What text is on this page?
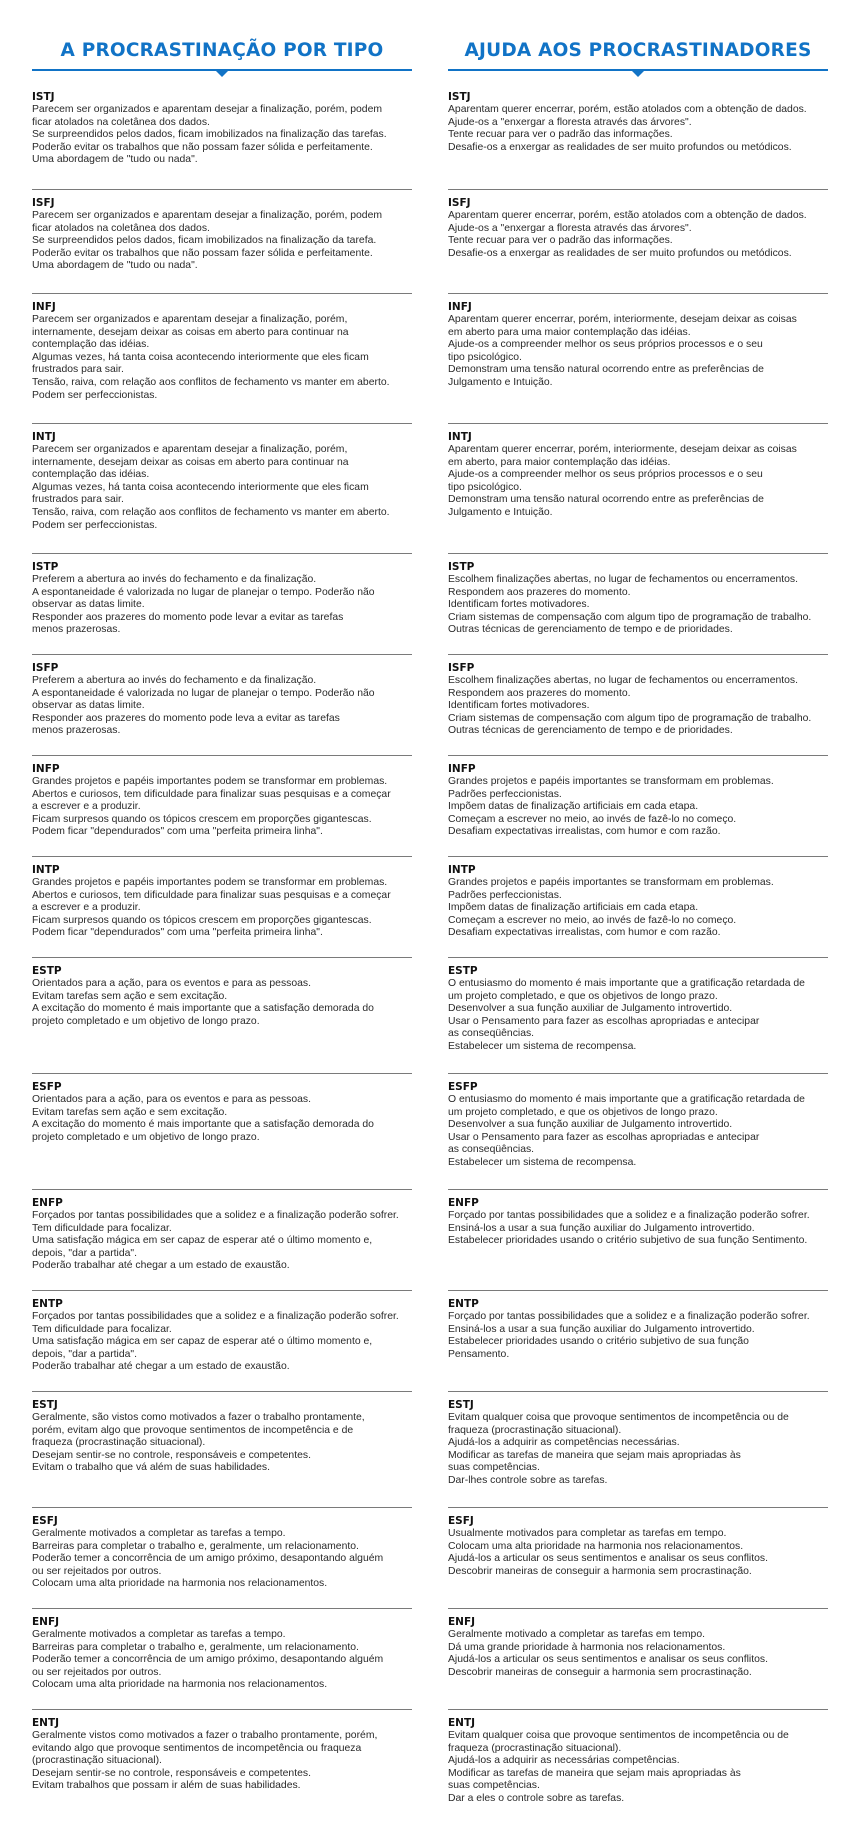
A PROCRASTINAÇÃO POR TIPO	AJUDA AOS PROCRASTINADORES
ISTJ
Parecem ser organizados e aparentam desejar a finalização, porém, podem
ficar atolados na coletânea dos dados.
Se surpreendidos pelos dados, ficam imobilizados na finalização das tarefas.
Poderão evitar os trabalhos que não possam fazer sólida e perfeitamente.
Uma abordagem de "tudo ou nada".
ISTJ
Aparentam querer encerrar, porém, estão atolados com a obtenção de dados.
Ajude-os a "enxergar a floresta através das árvores".
Tente recuar para ver o padrão das informações.
Desafie-os a enxergar as realidades de ser muito profundos ou metódicos.
ISFJ
Parecem ser organizados e aparentam desejar a finalização, porém, podem
ficar atolados na coletânea dos dados.
Se surpreendidos pelos dados, ficam imobilizados na finalização da tarefa.
Poderão evitar os trabalhos que não possam fazer sólida e perfeitamente.
Uma abordagem de "tudo ou nada".
ISFJ
Aparentam querer encerrar, porém, estão atolados com a obtenção de dados.
Ajude-os a "enxergar a floresta através das árvores".
Tente recuar para ver o padrão das informações.
Desafie-os a enxergar as realidades de ser muito profundos ou metódicos.
INFJ
Parecem ser organizados e aparentam desejar a finalização, porém,
internamente, desejam deixar as coisas em aberto para continuar na
contemplação das idéias.
Algumas vezes, há tanta coisa acontecendo interiormente que eles ficam
frustrados para sair.
Tensão, raiva, com relação aos conflitos de fechamento vs manter em aberto.
Podem ser perfeccionistas.
INFJ
Aparentam querer encerrar, porém, interiormente, desejam deixar as coisas
em aberto para uma maior contemplação das idéias.
Ajude-os a compreender melhor os seus próprios processos e o seu
tipo psicológico.
Demonstram uma tensão natural ocorrendo entre as preferências de
Julgamento e Intuição.
INTJ
Parecem ser organizados e aparentam desejar a finalização, porém,
internamente, desejam deixar as coisas em aberto para continuar na
contemplação das idéias.
Algumas vezes, há tanta coisa acontecendo interiormente que eles ficam
frustrados para sair.
Tensão, raiva, com relação aos conflitos de fechamento vs manter em aberto.
Podem ser perfeccionistas.
INTJ
Aparentam querer encerrar, porém, interiormente, desejam deixar as coisas
em aberto, para maior contemplação das idéias.
Ajude-os a compreender melhor os seus próprios processos e o seu
tipo psicológico.
Demonstram uma tensão natural ocorrendo entre as preferências de
Julgamento e Intuição.
ISTP
Preferem a abertura ao invés do fechamento e da finalização.
A espontaneidade é valorizada no lugar de planejar o tempo. Poderão não
observar as datas limite.
Responder aos prazeres do momento pode levar a evitar as tarefas
menos prazerosas.
ISTP
Escolhem finalizações abertas, no lugar de fechamentos ou encerramentos.
Respondem aos prazeres do momento.
Identificam fortes motivadores.
Criam sistemas de compensação com algum tipo de programação de trabalho.
Outras técnicas de gerenciamento de tempo e de prioridades.
ISFP
Preferem a abertura ao invés do fechamento e da finalização.
A espontaneidade é valorizada no lugar de planejar o tempo. Poderão não
observar as datas limite.
Responder aos prazeres do momento pode leva a evitar as tarefas
menos prazerosas.
ISFP
Escolhem finalizações abertas, no lugar de fechamentos ou encerramentos.
Respondem aos prazeres do momento.
Identificam fortes motivadores.
Criam sistemas de compensação com algum tipo de programação de trabalho.
Outras técnicas de gerenciamento de tempo e de prioridades.
INFP
Grandes projetos e papéis importantes podem se transformar em problemas.
Abertos e curiosos, tem dificuldade para finalizar suas pesquisas e a começar
a escrever e a produzir.
Ficam surpresos quando os tópicos crescem em proporções gigantescas.
Podem ficar "dependurados" com uma "perfeita primeira linha".
INFP
Grandes projetos e papéis importantes se transformam em problemas.
Padrões perfeccionistas.
Impõem datas de finalização artificiais em cada etapa.
Começam a escrever no meio, ao invés de fazê-lo no começo.
Desafiam expectativas irrealistas, com humor e com razão.
INTP
Grandes projetos e papéis importantes podem se transformar em problemas.
Abertos e curiosos, tem dificuldade para finalizar suas pesquisas e a começar
a escrever e a produzir.
Ficam surpresos quando os tópicos crescem em proporções gigantescas.
Podem ficar "dependurados" com uma "perfeita primeira linha".
INTP
Grandes projetos e papéis importantes se transformam em problemas.
Padrões perfeccionistas.
Impõem datas de finalização artificiais em cada etapa.
Começam a escrever no meio, ao invés de fazê-lo no começo.
Desafiam expectativas irrealistas, com humor e com razão.
ESTP
Orientados para a ação, para os eventos e para as pessoas.
Evitam tarefas sem ação e sem excitação.
A excitação do momento é mais importante que a satisfação demorada do
projeto completado e um objetivo de longo prazo.
ESTP
O entusiasmo do momento é mais importante que a gratificação retardada de
um projeto completado, e que os objetivos de longo prazo.
Desenvolver a sua função auxiliar de Julgamento introvertido.
Usar o Pensamento para fazer as escolhas apropriadas e antecipar
as conseqüências.
Estabelecer um sistema de recompensa.
ESFP
Orientados para a ação, para os eventos e para as pessoas.
Evitam tarefas sem ação e sem excitação.
A excitação do momento é mais importante que a satisfação demorada do
projeto completado e um objetivo de longo prazo.
ESFP
O entusiasmo do momento é mais importante que a gratificação retardada de
um projeto completado, e que os objetivos de longo prazo.
Desenvolver a sua função auxiliar de Julgamento introvertido.
Usar o Pensamento para fazer as escolhas apropriadas e antecipar
as conseqüências.
Estabelecer um sistema de recompensa.
ENFP
Forçados por tantas possibilidades que a solidez e a finalização poderão sofrer.
Tem dificuldade para focalizar.
Uma satisfação mágica em ser capaz de esperar até o último momento e,
depois, "dar a partida".
Poderão trabalhar até chegar a um estado de exaustão.
ENFP
Forçado por tantas possibilidades que a solidez e a finalização poderão sofrer.
Ensiná-los a usar a sua função auxiliar do Julgamento introvertido.
Estabelecer prioridades usando o critério subjetivo de sua função Sentimento.
ENTP
Forçados por tantas possibilidades que a solidez e a finalização poderão sofrer.
Tem dificuldade para focalizar.
Uma satisfação mágica em ser capaz de esperar até o último momento e,
depois, "dar a partida".
Poderão trabalhar até chegar a um estado de exaustão.
ENTP
Forçado por tantas possibilidades que a solidez e a finalização poderão sofrer.
Ensiná-los a usar a sua função auxiliar do Julgamento introvertido.
Estabelecer prioridades usando o critério subjetivo de sua função
Pensamento.
ESTJ
Geralmente, são vistos como motivados a fazer o trabalho prontamente,
porém, evitam algo que provoque sentimentos de incompetência e de
fraqueza (procrastinação situacional).
Desejam sentir-se no controle, responsáveis e competentes.
Evitam o trabalho que vá além de suas habilidades.
ESTJ
Evitam qualquer coisa que provoque sentimentos de incompetência ou de
fraqueza (procrastinação situacional).
Ajudá-los a adquirir as competências necessárias.
Modificar as tarefas de maneira que sejam mais apropriadas às
suas competências.
Dar-lhes controle sobre as tarefas.
ESFJ
Geralmente motivados a completar as tarefas a tempo.
Barreiras para completar o trabalho e, geralmente, um relacionamento.
Poderão temer a concorrência de um amigo próximo, desapontando alguém
ou ser rejeitados por outros.
Colocam uma alta prioridade na harmonia nos relacionamentos.
ESFJ
Usualmente motivados para completar as tarefas em tempo.
Colocam uma alta prioridade na harmonia nos relacionamentos.
Ajudá-los a articular os seus sentimentos e analisar os seus conflitos.
Descobrir maneiras de conseguir a harmonia sem procrastinação.
ENFJ
Geralmente motivados a completar as tarefas a tempo.
Barreiras para completar o trabalho e, geralmente, um relacionamento.
Poderão temer a concorrência de um amigo próximo, desapontando alguém
ou ser rejeitados por outros.
Colocam uma alta prioridade na harmonia nos relacionamentos.
ENFJ
Geralmente motivado a completar as tarefas em tempo.
Dá uma grande prioridade à harmonia nos relacionamentos.
Ajudá-los a articular os seus sentimentos e analisar os seus conflitos.
Descobrir maneiras de conseguir a harmonia sem procrastinação.
ENTJ
Geralmente vistos como motivados a fazer o trabalho prontamente, porém,
evitando algo que provoque sentimentos de incompetência ou fraqueza
(procrastinação situacional).
Desejam sentir-se no controle, responsáveis e competentes.
Evitam trabalhos que possam ir além de suas habilidades.
ENTJ
Evitam qualquer coisa que provoque sentimentos de incompetência ou de
fraqueza (procrastinação situacional).
Ajudá-los a adquirir as necessárias competências.
Modificar as tarefas de maneira que sejam mais apropriadas às
suas competências.
Dar a eles o controle sobre as tarefas.
